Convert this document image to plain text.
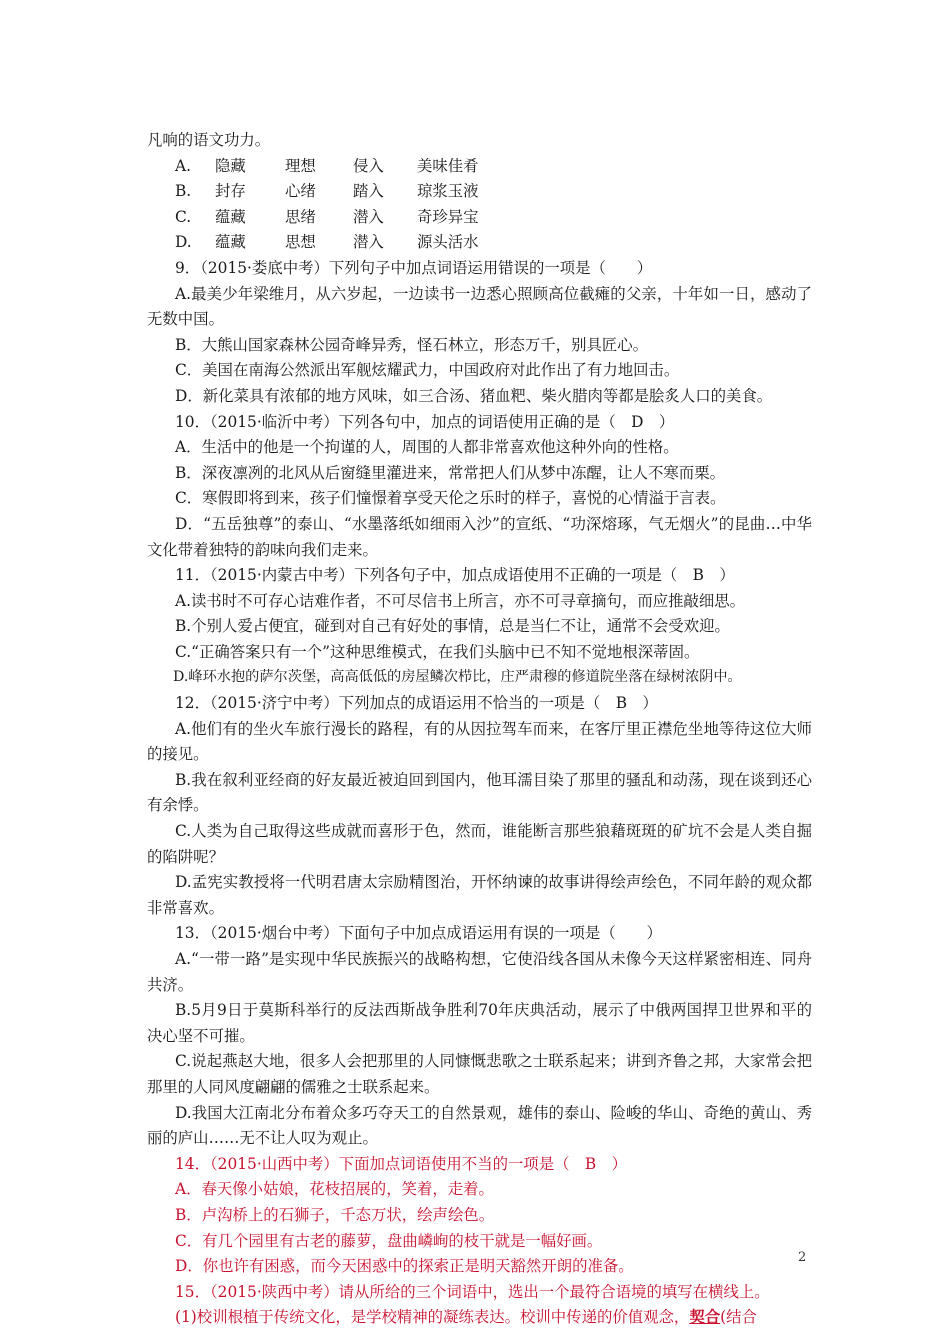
凡响的语文功力。
A. 隐藏	理想 侵入 美味佳肴
B. 封存	心绪 踏入 琼浆玉液
C. 蕴藏	思绪 潜入 奇珍异宝
D. 蕴藏	思想 潜入 源头活水
9．（2015·娄底中考）下列句子中加点词语运用错误的一项是（　　）
A.最美少年梁维月，从六岁起，一边读书一边悉心照顾高位截瘫的父亲，十年如一日，感动了无数中国。
B．大熊山国家森林公园奇峰异秀，怪石林立，形态万千，别具匠心。
C．美国在南海公然派出军舰炫耀武力，中国政府对此作出了有力地回击。
D．新化菜具有浓郁的地方风味，如三合汤、猪血粑、柴火腊肉等都是脍炙人口的美食。
10．（2015·临沂中考）下列各句中，加点的词语使用正确的是（　D　）
A．生活中的他是一个拘谨的人，周围的人都非常喜欢他这种外向的性格。
B．深夜凛冽的北风从后窗缝里灌进来，常常把人们从梦中冻醒，让人不寒而栗。
C．寒假即将到来，孩子们憧憬着享受天伦之乐时的样子，喜悦的心情溢于言表。
D．“五岳独尊”的泰山、“水墨落纸如细雨入沙”的宣纸、“功深熔琢，气无烟火”的昆曲…中华文化带着独特的韵味向我们走来。
11．（2015·内蒙古中考）下列各句子中，加点成语使用不正确的一项是（　B　）
A.读书时不可存心诘难作者，不可尽信书上所言，亦不可寻章摘句，而应推敲细思。
B.个别人爱占便宜，碰到对自己有好处的事情，总是当仁不让，通常不会受欢迎。
C.“正确答案只有一个”这种思维模式，在我们头脑中已不知不觉地根深蒂固。
D.峰环水抱的萨尔茨堡，高高低低的房屋鳞次栉比，庄严肃穆的修道院坐落在绿树浓阴中。
12．（2015·济宁中考）下列加点的成语运用不恰当的一项是（　B　）
A.他们有的坐火车旅行漫长的路程，有的从因拉驾车而来，在客厅里正襟危坐地等待这位大师的接见。
B.我在叙利亚经商的好友最近被迫回到国内，他耳濡目染了那里的骚乱和动荡，现在谈到还心有余悸。
C.人类为自己取得这些成就而喜形于色，然而，谁能断言那些狼藉斑斑的矿坑不会是人类自掘的陷阱呢？
D.孟宪实教授将一代明君唐太宗励精图治，开怀纳谏的故事讲得绘声绘色，不同年龄的观众都非常喜欢。
13．（2015·烟台中考）下面句子中加点成语运用有误的一项是（　　）
A.“一带一路”是实现中华民族振兴的战略构想，它使沿线各国从未像今天这样紧密相连、同舟共济。
B.5月9日于莫斯科举行的反法西斯战争胜利70年庆典活动，展示了中俄两国捍卫世界和平的决心坚不可摧。
C.说起燕赵大地，很多人会把那里的人同慷慨悲歌之士联系起来；讲到齐鲁之邦，大家常会把那里的人同风度翩翩的儒雅之士联系起来。
D.我国大江南北分布着众多巧夺天工的自然景观，雄伟的泰山、险峻的华山、奇绝的黄山、秀丽的庐山……无不让人叹为观止。
14．（2015·山西中考）下面加点词语使用不当的一项是（　B　）
A．春天像小姑娘，花枝招展的，笑着，走着。
B．卢沟桥上的石狮子，千态万状，绘声绘色。
C．有几个园里有古老的藤萝，盘曲嶙峋的枝干就是一幅好画。
D．你也许有困惑，而今天困惑中的探索正是明天豁然开朗的准备。
15．（2015·陕西中考）请从所给的三个词语中，选出一个最符合语境的填写在横线上。
(1)校训根植于传统文化，是学校精神的凝练表达。校训中传递的价值观念，契合(结合
2
